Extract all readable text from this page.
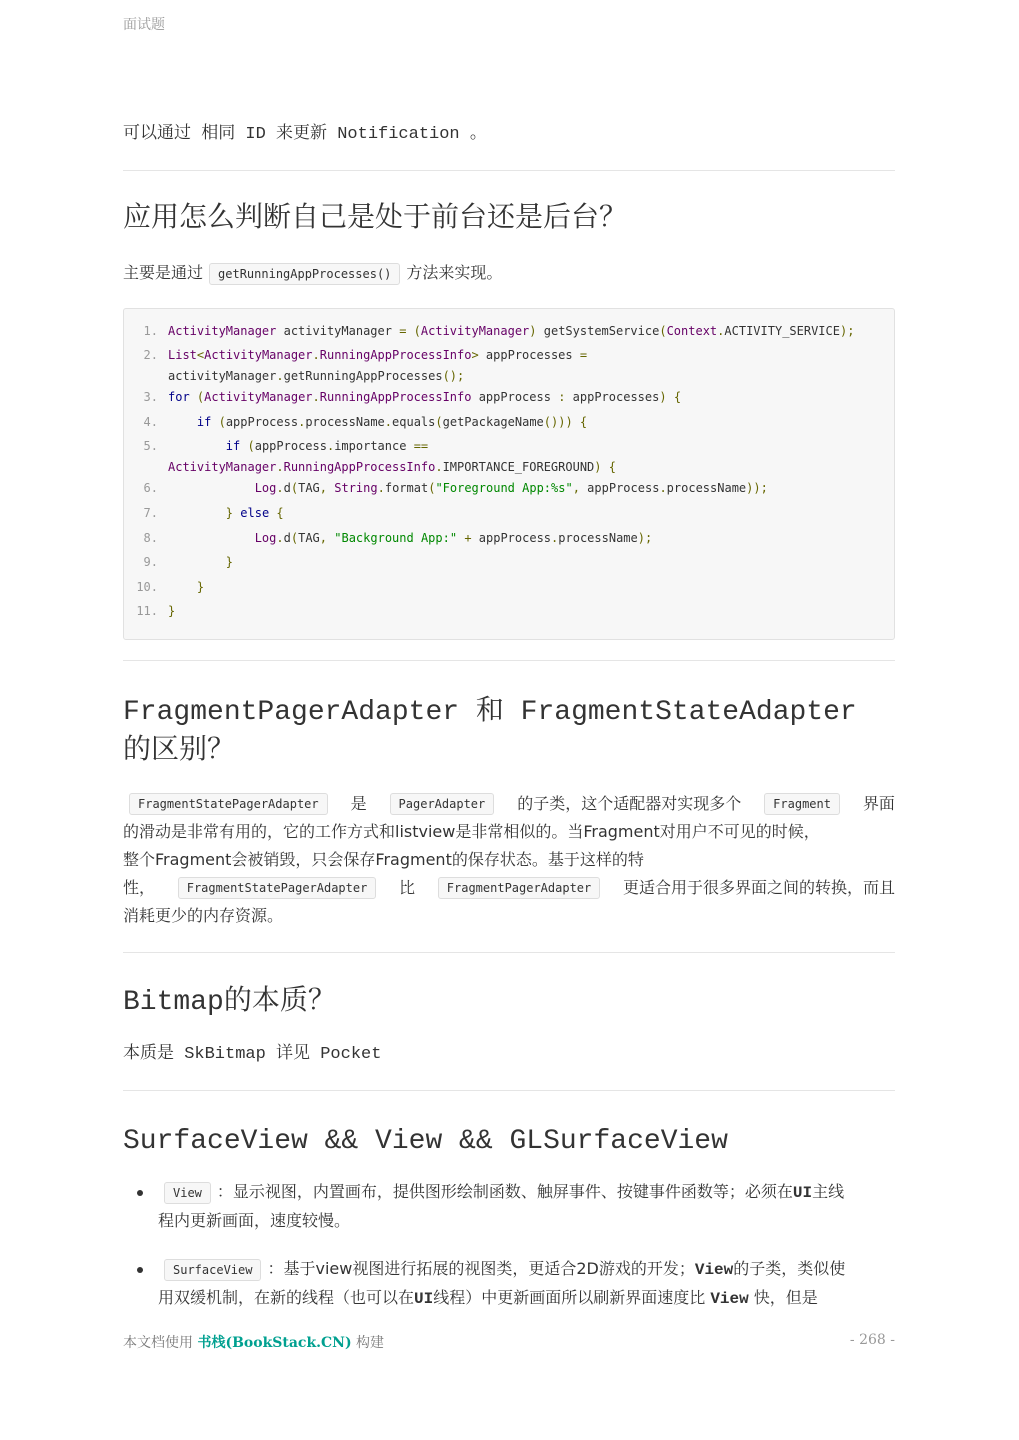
面试题
可以通过 相同 ID 来更新 Notification 。
应用怎么判断自己是处于前台还是后台？
主要是通过 getRunningAppProcesses() 方法来实现。
1. ActivityManager activityManager = (ActivityManager) getSystemService(Context.ACTIVITY_SERVICE);
2. List<ActivityManager.RunningAppProcessInfo> appProcesses =
activityManager.getRunningAppProcesses();
3. for (ActivityManager.RunningAppProcessInfo appProcess : appProcesses) {
4.	if (appProcess.processName.equals(getPackageName())) {
5.	if (appProcess.importance ==
ActivityManager.RunningAppProcessInfo.IMPORTANCE_FOREGROUND) {
6.	Log.d(TAG, String.format("Foreground App:%s", appProcess.processName));
7.	} else {
8.	Log.d(TAG, "Background App:" + appProcess.processName);
9.	}
10.	}
11. }
FragmentPagerAdapter 和 FragmentStateAdapter
的区别？
FragmentStatePagerAdapter	是	PagerAdapter	的子类，这个适配器对实现多个	Fragment	界面
的滑动是非常有用的，它的工作方式和listview是非常相似的。当Fragment对用户不可见的时候，
整个Fragment会被销毁，只会保存Fragment的保存状态。基于这样的特
性，	FragmentStatePagerAdapter	比	FragmentPagerAdapter	更适合用于很多界面之间的转换，而且
消耗更少的内存资源。
Bitmap的本质？
本质是 SkBitmap 详见 Pocket
SurfaceView && View && GLSurfaceView
View ：显示视图，内置画布，提供图形绘制函数、触屏事件、按键事件函数等；必须在UI主线
程内更新画面，速度较慢。
SurfaceView ：基于view视图进行拓展的视图类，更适合2D游戏的开发；View的子类，类似使
用双缓机制，在新的线程（也可以在UI线程）中更新画面所以刷新界面速度比 View 快，但是
本文档使用 书栈(BookStack.CN) 构建	- 268 -
